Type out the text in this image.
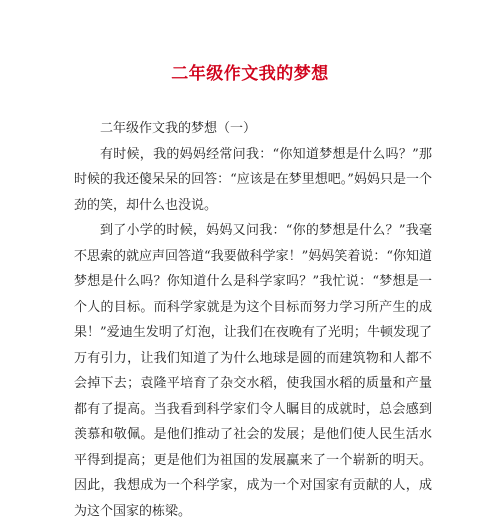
二年级作文我的梦想

二年级作文我的梦想（一）

有时候，我的妈妈经常问我：“你知道梦想是什么吗？”那时候的我还傻呆呆的回答：“应该是在梦里想吧。”妈妈只是一个劲的笑，却什么也没说。

到了小学的时候，妈妈又问我：“你的梦想是什么？”我毫不思索的就应声回答道“我要做科学家！”妈妈笑着说：“你知道梦想是什么吗？你知道什么是科学家吗？”我忙说：“梦想是一个人的目标。而科学家就是为这个目标而努力学习所产生的成果！”爱迪生发明了灯泡，让我们在夜晚有了光明；牛顿发现了万有引力，让我们知道了为什么地球是圆的而建筑物和人都不会掉下去；袁隆平培育了杂交水稻，使我国水稻的质量和产量都有了提高。当我看到科学家们令人瞩目的成就时，总会感到羡慕和敬佩。是他们推动了社会的发展；是他们使人民生活水平得到提高；更是他们为祖国的发展赢来了一个崭新的明天。因此，我想成为一个科学家，成为一个对国家有贡献的人，成为这个国家的栋梁。
